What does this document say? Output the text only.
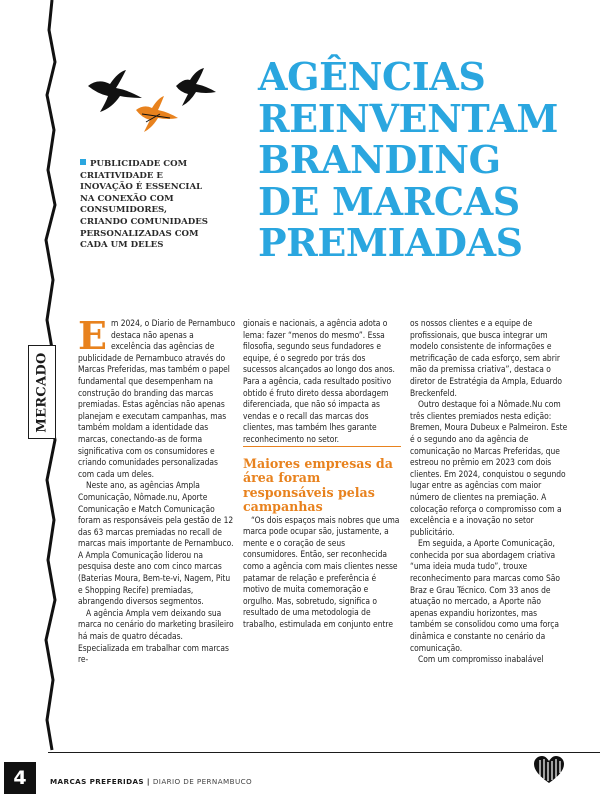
MERCADO
AGÊNCIAS
REINVENTAM
BRANDING
DE MARCAS
PREMIADAS

PUBLICIDADE COM CRIATIVIDADE E INOVAÇÃO É ESSENCIAL NA CONEXÃO COM CONSUMIDORES, CRIANDO COMUNIDADES PERSONALIZADAS COM CADA UM DELES

Em 2024, o Diario de Pernambuco destaca não apenas a excelência das agências de publicidade de Pernambuco através do Marcas Preferidas, mas também o papel fundamental que desempenham na construção do branding das marcas premiadas. Estas agências não apenas planejam e executam campanhas, mas também moldam a identidade das marcas, conectando-as de forma significativa com os consumidores e criando comunidades personalizadas com cada um deles.

Neste ano, as agências Ampla Comunicação, Nômade.nu, Aporte Comunicação e Match Comunicação foram as responsáveis pela gestão de 12 das 63 marcas premiadas no recall de marcas mais importante de Pernambuco. A Ampla Comunicação liderou na pesquisa deste ano com cinco marcas (Baterias Moura, Bem-te-vi, Nagem, Pitu e Shopping Recife) premiadas, abrangendo diversos segmentos.

A agência Ampla vem deixando sua marca no cenário do marketing brasileiro há mais de quatro décadas. Especializada em trabalhar com marcas re-

gionais e nacionais, a agência adota o lema: fazer “menos do mesmo”. Essa filosofia, segundo seus fundadores e equipe, é o segredo por trás dos sucessos alcançados ao longo dos anos. Para a agência, cada resultado positivo obtido é fruto direto dessa abordagem diferenciada, que não só impacta as vendas e o recall das marcas dos clientes, mas também lhes garante reconhecimento no setor.

Maiores empresas da área foram responsáveis pelas campanhas

“Os dois espaços mais nobres que uma marca pode ocupar são, justamente, a mente e o coração de seus consumidores. Então, ser reconhecida como a agência com mais clientes nesse patamar de relação e preferência é motivo de muita comemoração e orgulho. Mas, sobretudo, significa o resultado de uma metodologia de trabalho, estimulada em conjunto entre

os nossos clientes e a equipe de profissionais, que busca integrar um modelo consistente de informações e metrificação de cada esforço, sem abrir mão da premissa criativa”, destaca o diretor de Estratégia da Ampla, Eduardo Breckenfeld.

Outro destaque foi a Nômade.Nu com três clientes premiados nesta edição: Bremen, Moura Dubeux e Palmeiron. Este é o segundo ano da agência de comunicação no Marcas Preferidas, que estreou no prêmio em 2023 com dois clientes. Em 2024, conquistou o segundo lugar entre as agências com maior número de clientes na premiação. A colocação reforça o compromisso com a excelência e a inovação no setor publicitário.

Em seguida, a Aporte Comunicação, conhecida por sua abordagem criativa “uma ideia muda tudo”, trouxe reconhecimento para marcas como São Braz e Grau Técnico. Com 33 anos de atuação no mercado, a Aporte não apenas expandiu horizontes, mas também se consolidou como uma força dinâmica e constante no cenário da comunicação.

Com um compromisso inabalável

4	MARCAS PREFERIDAS | DIARIO DE PERNAMBUCO
